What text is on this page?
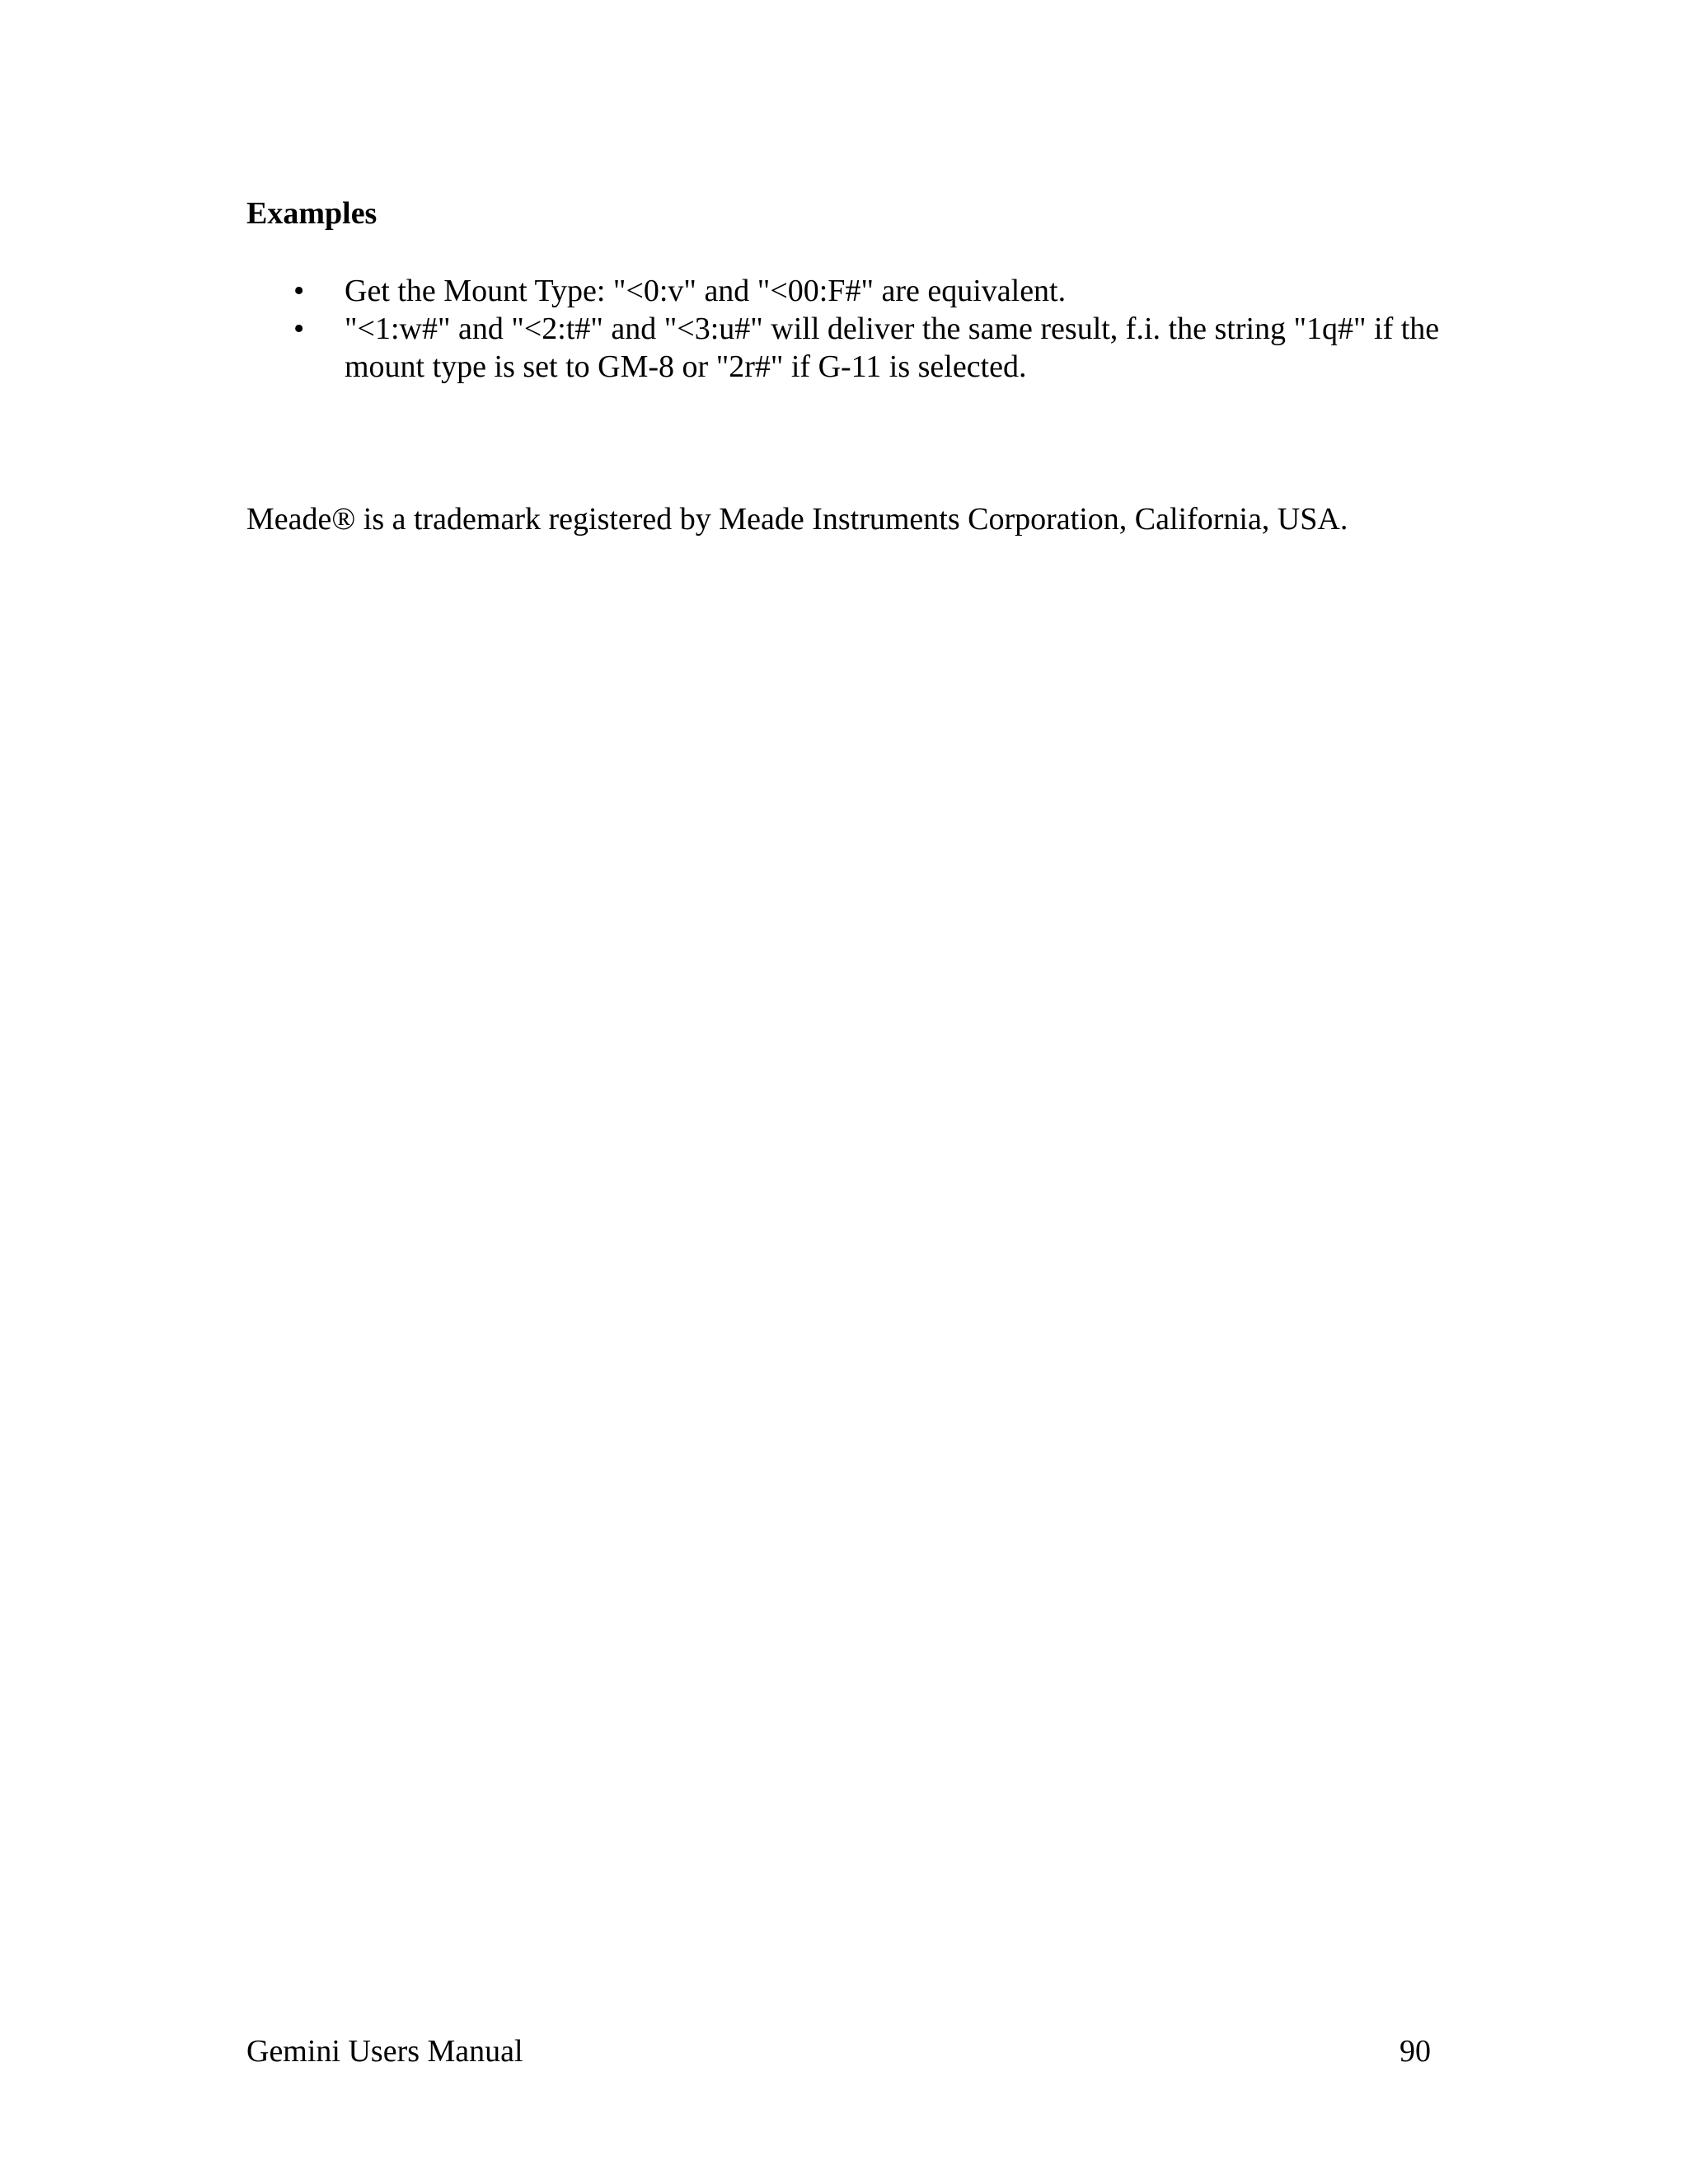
Examples
• Get the Mount Type: "<0:v" and "<00:F#" are equivalent.
• "<1:w#" and "<2:t#" and "<3:u#" will deliver the same result, f.i. the string "1q#" if the mount type is set to GM-8 or "2r#" if G-11 is selected.
Meade® is a trademark registered by Meade Instruments Corporation, California, USA.
Gemini Users Manual	90
